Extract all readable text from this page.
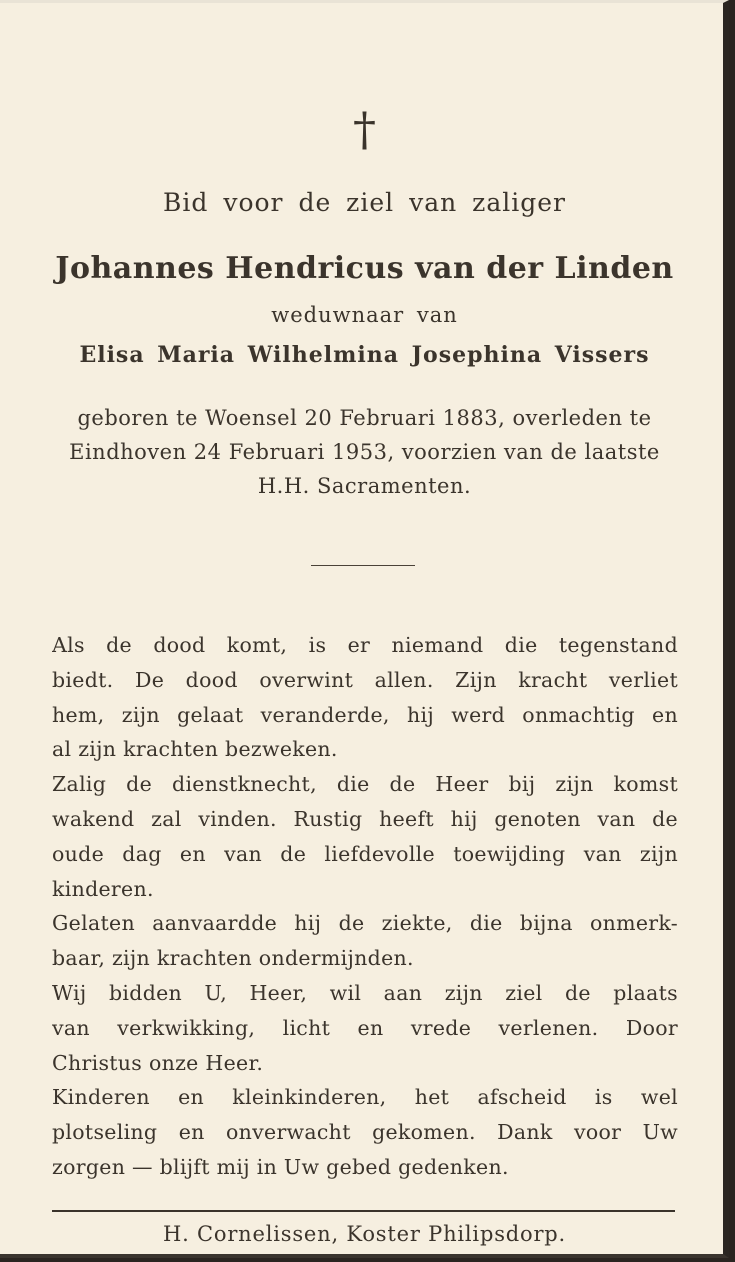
†
Bid voor de ziel van zaliger
Johannes Hendricus van der Linden
weduwnaar van
Elisa Maria Wilhelmina Josephina Vissers
geboren te Woensel 20 Februari 1883, overleden te
Eindhoven 24 Februari 1953, voorzien van de laatste
H.H. Sacramenten.
Als de dood komt, is er niemand die tegenstand
biedt. De dood overwint allen. Zijn kracht verliet
hem, zijn gelaat veranderde, hij werd onmachtig en
al zijn krachten bezweken.
Zalig de dienstknecht, die de Heer bij zijn komst
wakend zal vinden. Rustig heeft hij genoten van de
oude dag en van de liefdevolle toewijding van zijn
kinderen.
Gelaten aanvaardde hij de ziekte, die bijna onmerk-
baar, zijn krachten ondermijnden.
Wij bidden U, Heer, wil aan zijn ziel de plaats
van verkwikking, licht en vrede verlenen. Door
Christus onze Heer.
Kinderen en kleinkinderen, het afscheid is wel
plotseling en onverwacht gekomen. Dank voor Uw
zorgen — blijft mij in Uw gebed gedenken.
H. Cornelissen, Koster Philipsdorp.
